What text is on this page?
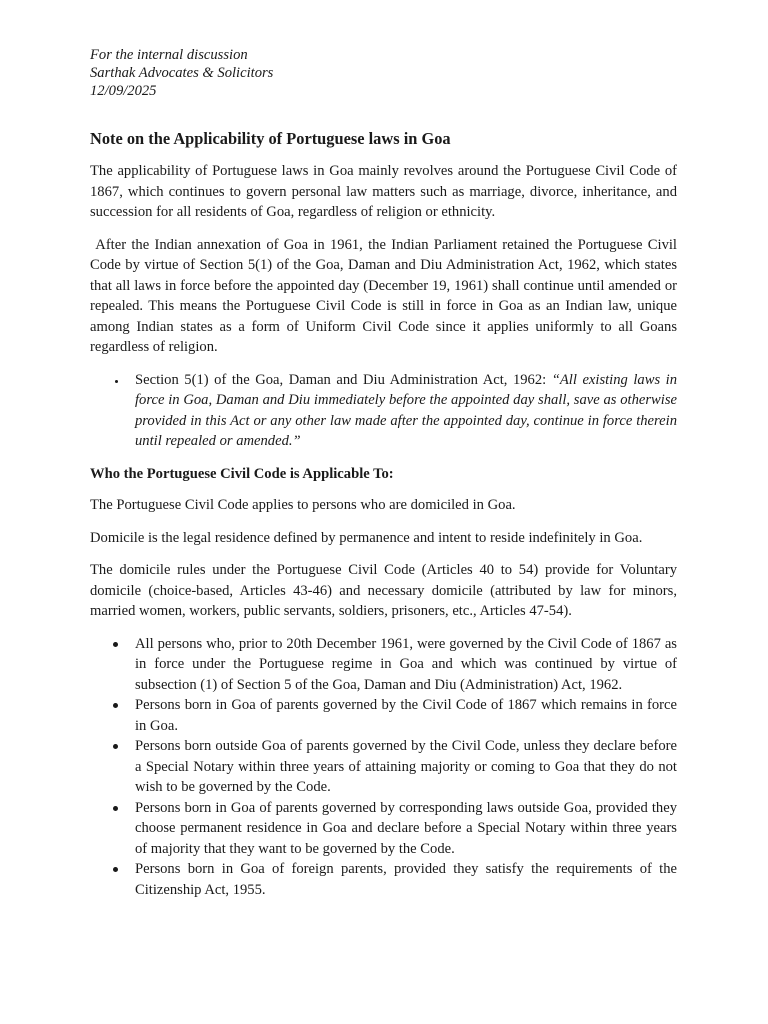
For the internal discussion
Sarthak Advocates & Solicitors
12/09/2025
Note on the Applicability of Portuguese laws in Goa

The applicability of Portuguese laws in Goa mainly revolves around the Portuguese Civil Code of 1867, which continues to govern personal law matters such as marriage, divorce, inheritance, and succession for all residents of Goa, regardless of religion or ethnicity.

After the Indian annexation of Goa in 1961, the Indian Parliament retained the Portuguese Civil Code by virtue of Section 5(1) of the Goa, Daman and Diu Administration Act, 1962, which states that all laws in force before the appointed day (December 19, 1961) shall continue until amended or repealed. This means the Portuguese Civil Code is still in force in Goa as an Indian law, unique among Indian states as a form of Uniform Civil Code since it applies uniformly to all Goans regardless of religion.

Section 5(1) of the Goa, Daman and Diu Administration Act, 1962: “All existing laws in force in Goa, Daman and Diu immediately before the appointed day shall, save as otherwise provided in this Act or any other law made after the appointed day, continue in force therein until repealed or amended.”
Who the Portuguese Civil Code is Applicable To:

The Portuguese Civil Code applies to persons who are domiciled in Goa.

Domicile is the legal residence defined by permanence and intent to reside indefinitely in Goa.

The domicile rules under the Portuguese Civil Code (Articles 40 to 54) provide for Voluntary domicile (choice-based, Articles 43-46) and necessary domicile (attributed by law for minors, married women, workers, public servants, soldiers, prisoners, etc., Articles 47-54).

All persons who, prior to 20th December 1961, were governed by the Civil Code of 1867 as in force under the Portuguese regime in Goa and which was continued by virtue of subsection (1) of Section 5 of the Goa, Daman and Diu (Administration) Act, 1962.
Persons born in Goa of parents governed by the Civil Code of 1867 which remains in force in Goa.
Persons born outside Goa of parents governed by the Civil Code, unless they declare before a Special Notary within three years of attaining majority or coming to Goa that they do not wish to be governed by the Code.
Persons born in Goa of parents governed by corresponding laws outside Goa, provided they choose permanent residence in Goa and declare before a Special Notary within three years of majority that they want to be governed by the Code.
Persons born in Goa of foreign parents, provided they satisfy the requirements of the Citizenship Act, 1955.
